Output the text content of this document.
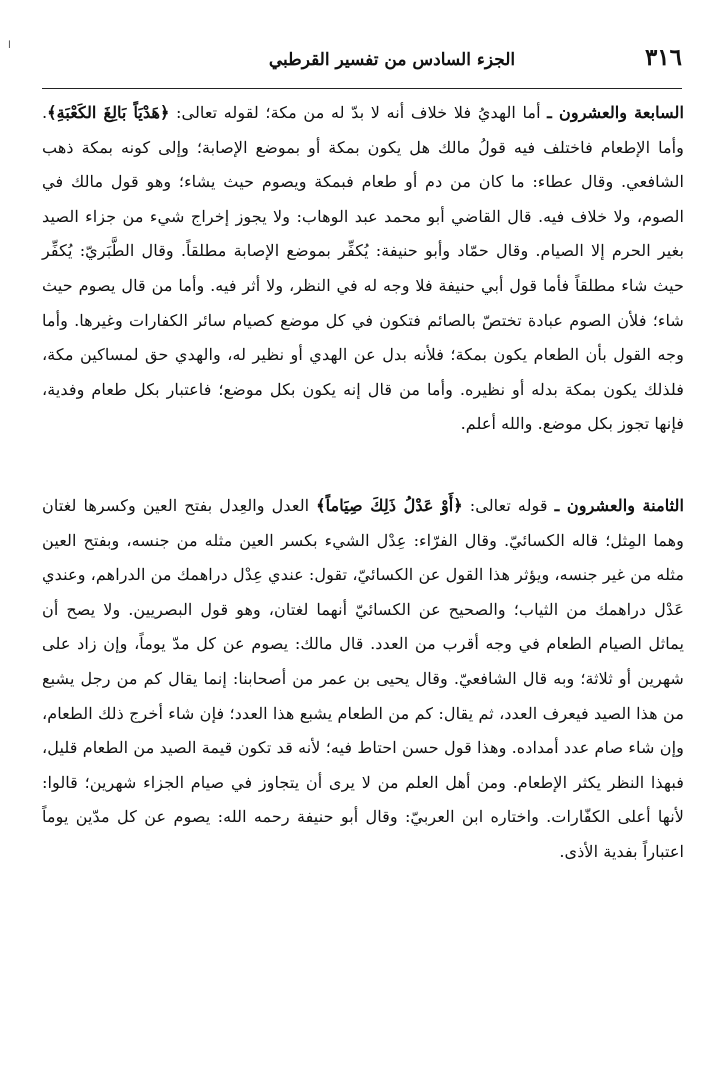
ا	٣١٦
الجزء السادس من تفسير القرطبي

السابعة والعشرون ـ أما الهديُ فلا خلاف أنه لا بدّ له من مكة؛ لقوله تعالى: ﴿هَدْيَاً بَالِغَ الكَعْبَةِ﴾. وأما الإطعام فاختلف فيه قولُ مالك هل يكون بمكة أو بموضع الإصابة؛ وإلى كونه بمكة ذهب الشافعي. وقال عطاء: ما كان من دم أو طعام فبمكة ويصوم حيث يشاء؛ وهو قول مالك في الصوم، ولا خلاف فيه. قال القاضي أبو محمد عبد الوهاب: ولا يجوز إخراج شيء من جزاء الصيد بغير الحرم إلا الصيام. وقال حمّاد وأبو حنيفة: يُكفِّر بموضع الإصابة مطلقاً. وقال الطَّبَريّ: يُكفِّر حيث شاء مطلقاً فأما قول أبي حنيفة فلا وجه له في النظر، ولا أثر فيه. وأما من قال يصوم حيث شاء؛ فلأن الصوم عبادة تختصّ بالصائم فتكون في كل موضع كصيام سائر الكفارات وغيرها. وأما وجه القول بأن الطعام يكون بمكة؛ فلأنه بدل عن الهدي أو نظير له، والهدي حق لمساكين مكة، فلذلك يكون بمكة بدله أو نظيره. وأما من قال إنه يكون بكل موضع؛ فاعتبار بكل طعام وفدية، فإنها تجوز بكل موضع. والله أعلم.

الثامنة والعشرون ـ قوله تعالى: ﴿أَوْ عَدْلُ ذَلِكَ صِيَاماً﴾ العدل والعِدل بفتح العين وكسرها لغتان وهما المِثل؛ قاله الكسائيّ. وقال الفرّاء: عِدْل الشيء بكسر العين مثله من جنسه، وبفتح العين مثله من غير جنسه، ويؤثر هذا القول عن الكسائيّ، تقول: عندي عِدْل دراهمك من الدراهم، وعندي عَدْل دراهمك من الثياب؛ والصحيح عن الكسائيّ أنهما لغتان، وهو قول البصريين. ولا يصح أن يماثل الصيام الطعام في وجه أقرب من العدد. قال مالك: يصوم عن كل مدّ يوماً، وإن زاد على شهرين أو ثلاثة؛ وبه قال الشافعيّ. وقال يحيى بن عمر من أصحابنا: إنما يقال كم من رجل يشبع من هذا الصيد فيعرف العدد، ثم يقال: كم من الطعام يشبع هذا العدد؛ فإن شاء أخرج ذلك الطعام، وإن شاء صام عدد أمداده. وهذا قول حسن احتاط فيه؛ لأنه قد تكون قيمة الصيد من الطعام قليل، فبهذا النظر يكثر الإطعام. ومن أهل العلم من لا يرى أن يتجاوز في صيام الجزاء شهرين؛ قالوا: لأنها أعلى الكفّارات. واختاره ابن العربيّ: وقال أبو حنيفة رحمه الله: يصوم عن كل مدّين يوماً اعتباراً بفدية الأذى.
